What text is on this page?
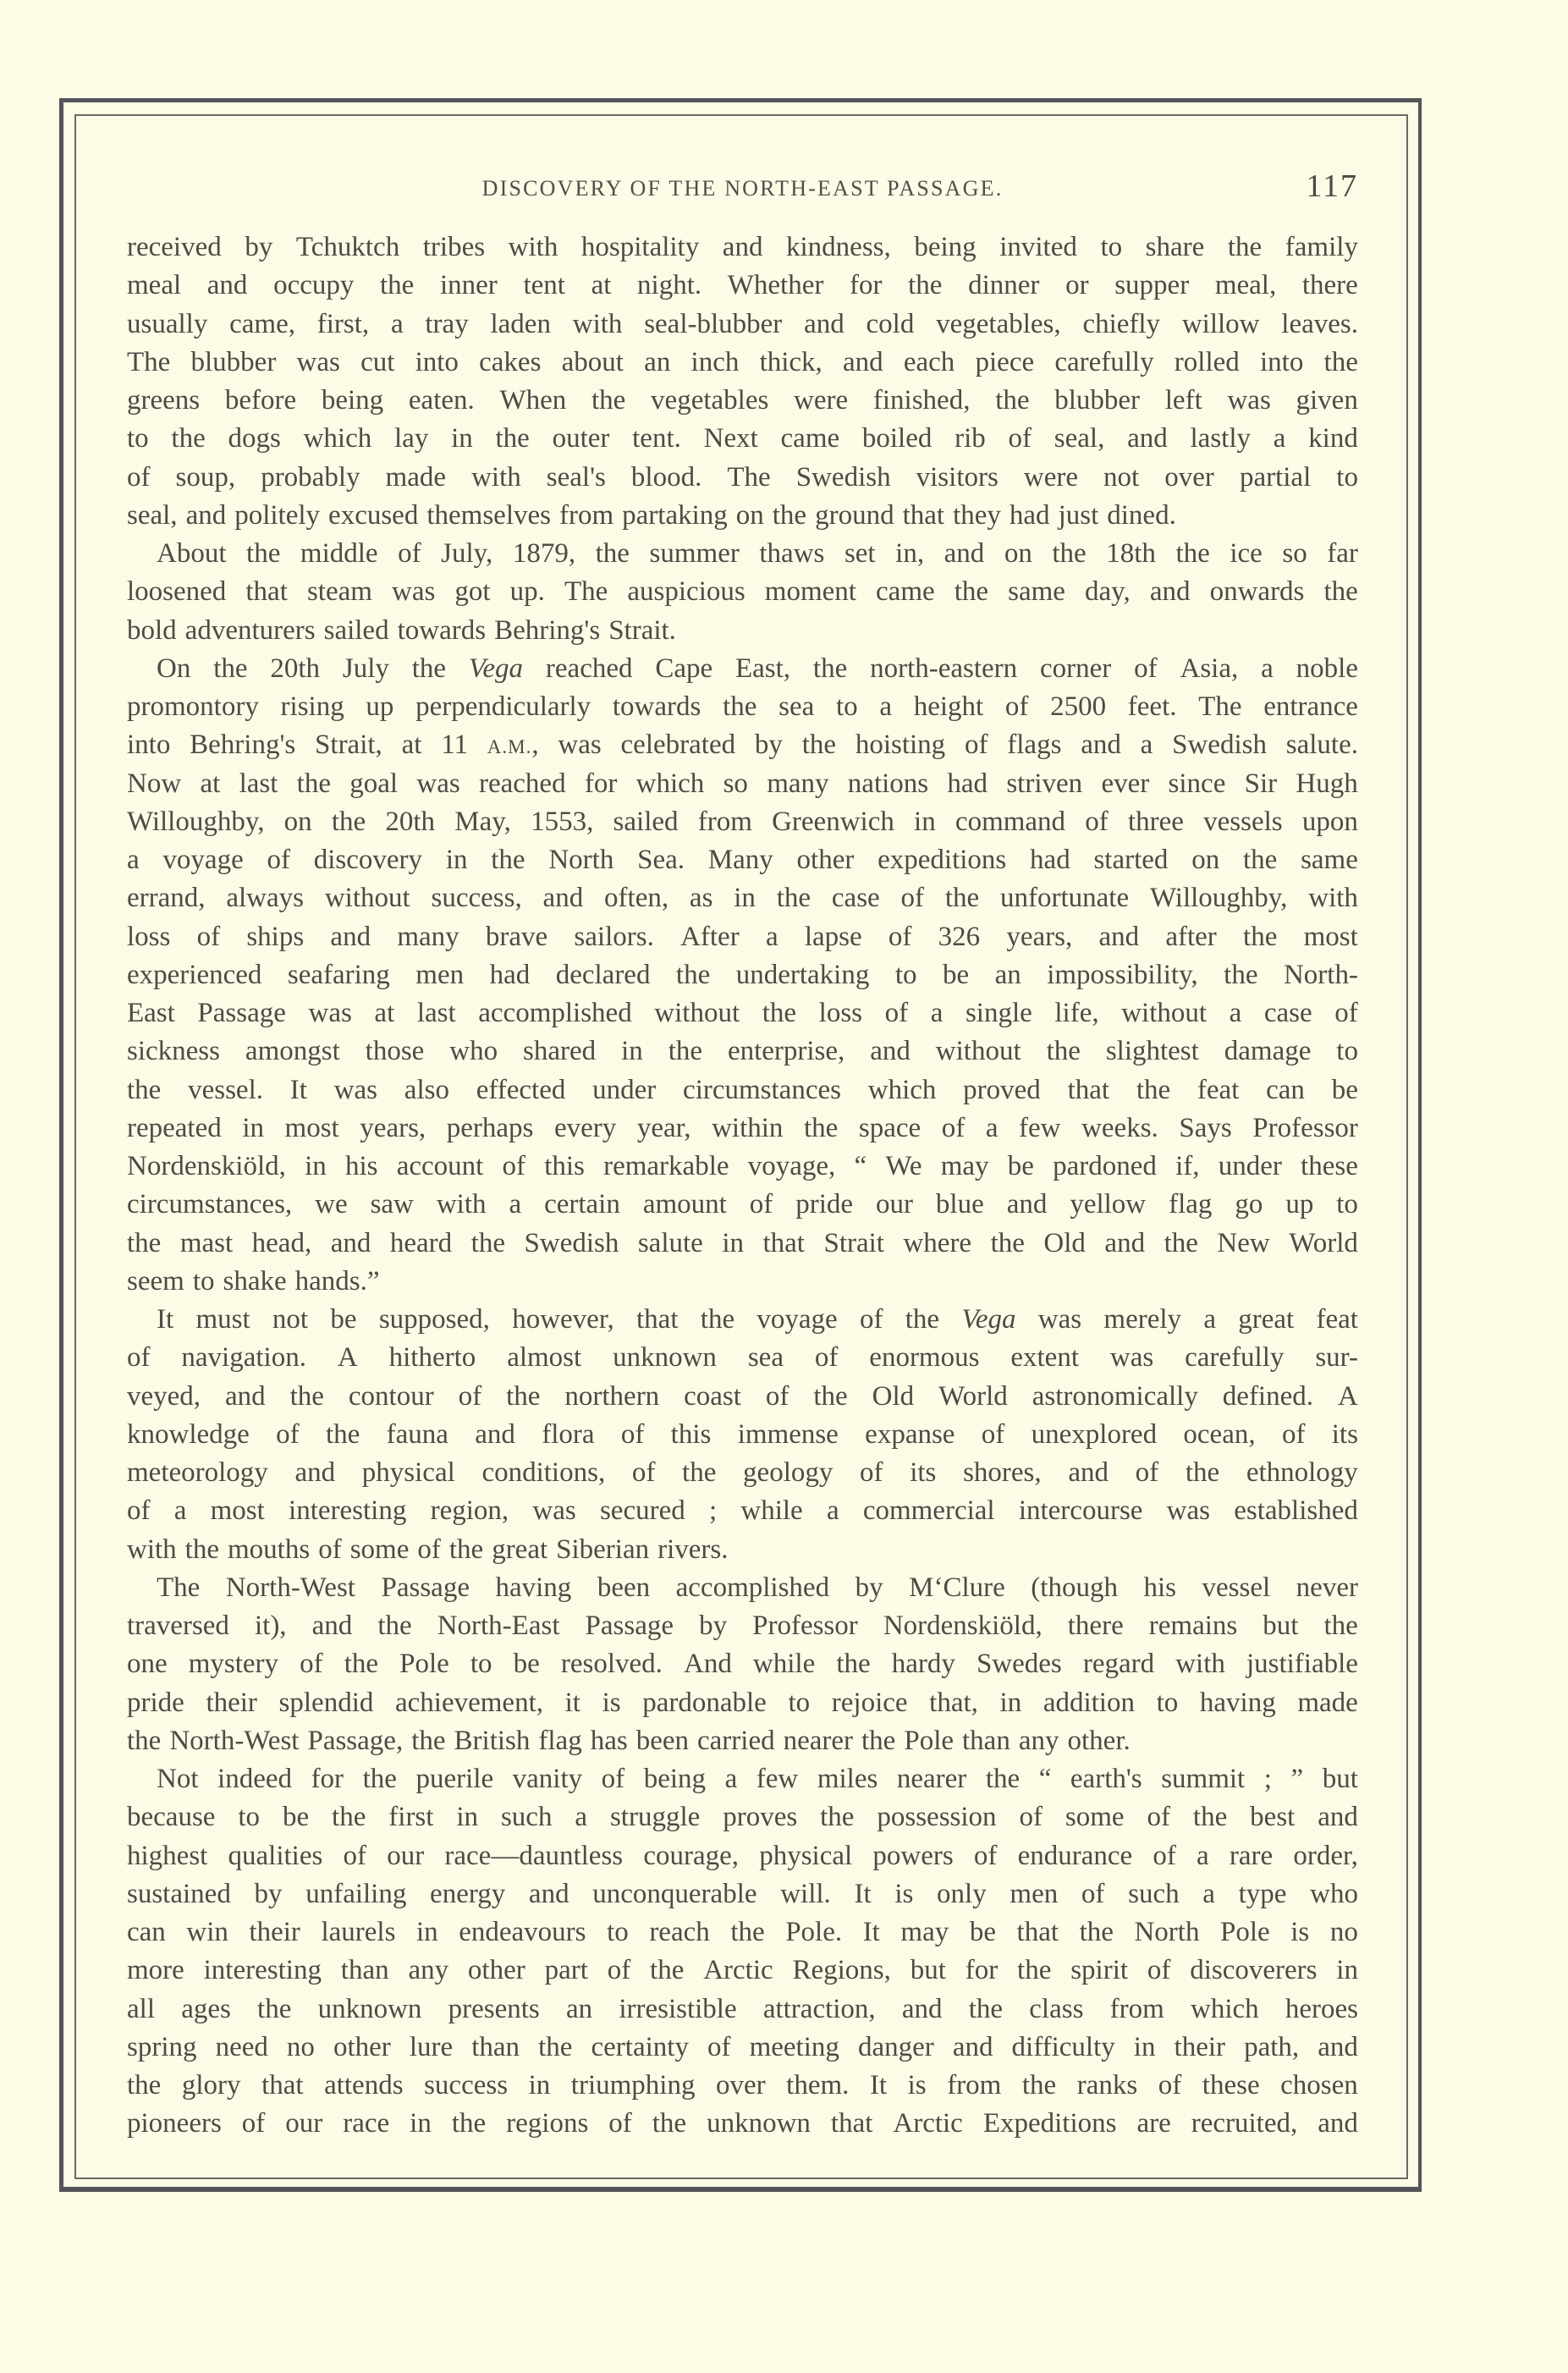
DISCOVERY OF THE NORTH-EAST PASSAGE.	117
received by Tchuktch tribes with hospitality and kindness, being invited to share the family
meal and occupy the inner tent at night. Whether for the dinner or supper meal, there
usually came, first, a tray laden with seal-blubber and cold vegetables, chiefly willow leaves.
The blubber was cut into cakes about an inch thick, and each piece carefully rolled into the
greens before being eaten. When the vegetables were finished, the blubber left was given
to the dogs which lay in the outer tent. Next came boiled rib of seal, and lastly a kind
of soup, probably made with seal's blood. The Swedish visitors were not over partial to
seal, and politely excused themselves from partaking on the ground that they had just dined.
About the middle of July, 1879, the summer thaws set in, and on the 18th the ice so far
loosened that steam was got up. The auspicious moment came the same day, and onwards the
bold adventurers sailed towards Behring's Strait.
On the 20th July the Vega reached Cape East, the north-eastern corner of Asia, a noble
promontory rising up perpendicularly towards the sea to a height of 2500 feet. The entrance
into Behring's Strait, at 11 A.M., was celebrated by the hoisting of flags and a Swedish salute.
Now at last the goal was reached for which so many nations had striven ever since Sir Hugh
Willoughby, on the 20th May, 1553, sailed from Greenwich in command of three vessels upon
a voyage of discovery in the North Sea. Many other expeditions had started on the same
errand, always without success, and often, as in the case of the unfortunate Willoughby, with
loss of ships and many brave sailors. After a lapse of 326 years, and after the most
experienced seafaring men had declared the undertaking to be an impossibility, the North-
East Passage was at last accomplished without the loss of a single life, without a case of
sickness amongst those who shared in the enterprise, and without the slightest damage to
the vessel. It was also effected under circumstances which proved that the feat can be
repeated in most years, perhaps every year, within the space of a few weeks. Says Professor
Nordenskiöld, in his account of this remarkable voyage, “ We may be pardoned if, under these
circumstances, we saw with a certain amount of pride our blue and yellow flag go up to
the mast head, and heard the Swedish salute in that Strait where the Old and the New World
seem to shake hands.”
It must not be supposed, however, that the voyage of the Vega was merely a great feat
of navigation. A hitherto almost unknown sea of enormous extent was carefully sur-
veyed, and the contour of the northern coast of the Old World astronomically defined. A
knowledge of the fauna and flora of this immense expanse of unexplored ocean, of its
meteorology and physical conditions, of the geology of its shores, and of the ethnology
of a most interesting region, was secured ; while a commercial intercourse was established
with the mouths of some of the great Siberian rivers.
The North-West Passage having been accomplished by M‘Clure (though his vessel never
traversed it), and the North-East Passage by Professor Nordenskiöld, there remains but the
one mystery of the Pole to be resolved. And while the hardy Swedes regard with justifiable
pride their splendid achievement, it is pardonable to rejoice that, in addition to having made
the North-West Passage, the British flag has been carried nearer the Pole than any other.
Not indeed for the puerile vanity of being a few miles nearer the “ earth's summit ; ” but
because to be the first in such a struggle proves the possession of some of the best and
highest qualities of our race—dauntless courage, physical powers of endurance of a rare order,
sustained by unfailing energy and unconquerable will. It is only men of such a type who
can win their laurels in endeavours to reach the Pole. It may be that the North Pole is no
more interesting than any other part of the Arctic Regions, but for the spirit of discoverers in
all ages the unknown presents an irresistible attraction, and the class from which heroes
spring need no other lure than the certainty of meeting danger and difficulty in their path, and
the glory that attends success in triumphing over them. It is from the ranks of these chosen
pioneers of our race in the regions of the unknown that Arctic Expeditions are recruited, and
